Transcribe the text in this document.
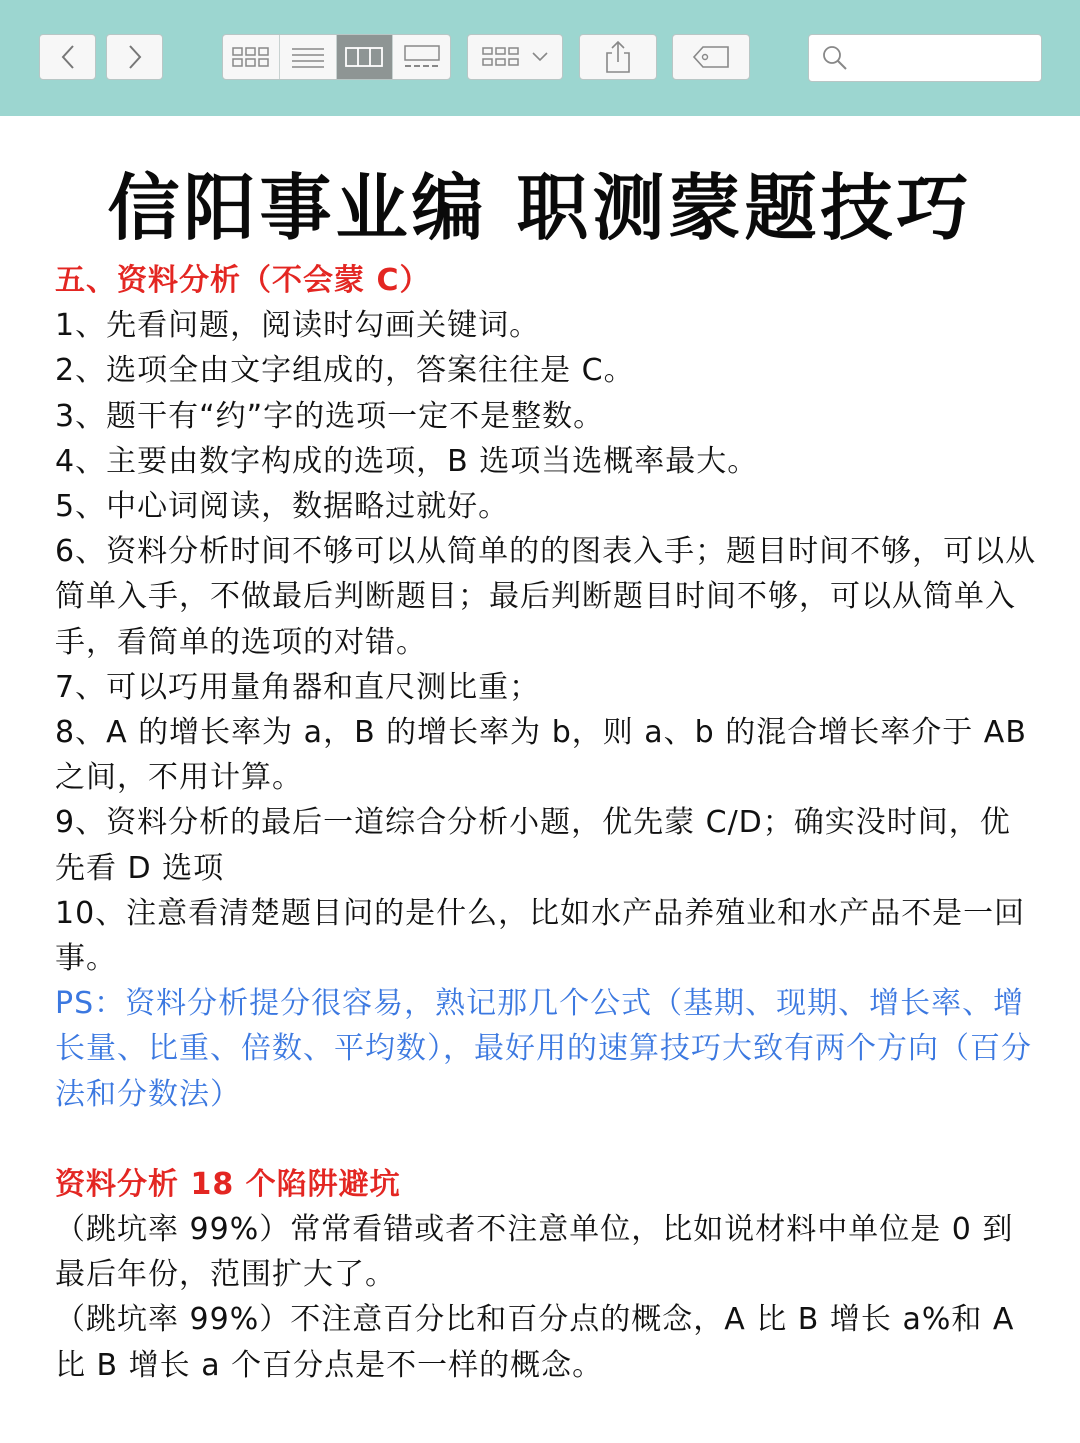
信阳事业编 职测蒙题技巧

五、资料分析（不会蒙 C）

1、先看问题，阅读时勾画关键词。

2、选项全由文字组成的，答案往往是 C。

3、题干有“约”字的选项一定不是整数。

4、主要由数字构成的选项，B 选项当选概率最大。

5、中心词阅读，数据略过就好。

6、资料分析时间不够可以从简单的的图表入手；题目时间不够，可以从简单入手，不做最后判断题目；最后判断题目时间不够，可以从简单入手，看简单的选项的对错。

7、可以巧用量角器和直尺测比重；

8、A 的增长率为 a，B 的增长率为 b，则 a、b 的混合增长率介于 AB 之间，不用计算。

9、资料分析的最后一道综合分析小题，优先蒙 C/D；确实没时间，优先看 D 选项

10、注意看清楚题目问的是什么，比如水产品养殖业和水产品不是一回事。

PS：资料分析提分很容易，熟记那几个公式（基期、现期、增长率、增长量、比重、倍数、平均数），最好用的速算技巧大致有两个方向（百分法和分数法）

资料分析 18 个陷阱避坑

（跳坑率 99%）常常看错或者不注意单位，比如说材料中单位是 0 到最后年份，范围扩大了。

（跳坑率 99%）不注意百分比和百分点的概念，A 比 B 增长 a%和 A 比 B 增长 a 个百分点是不一样的概念。
